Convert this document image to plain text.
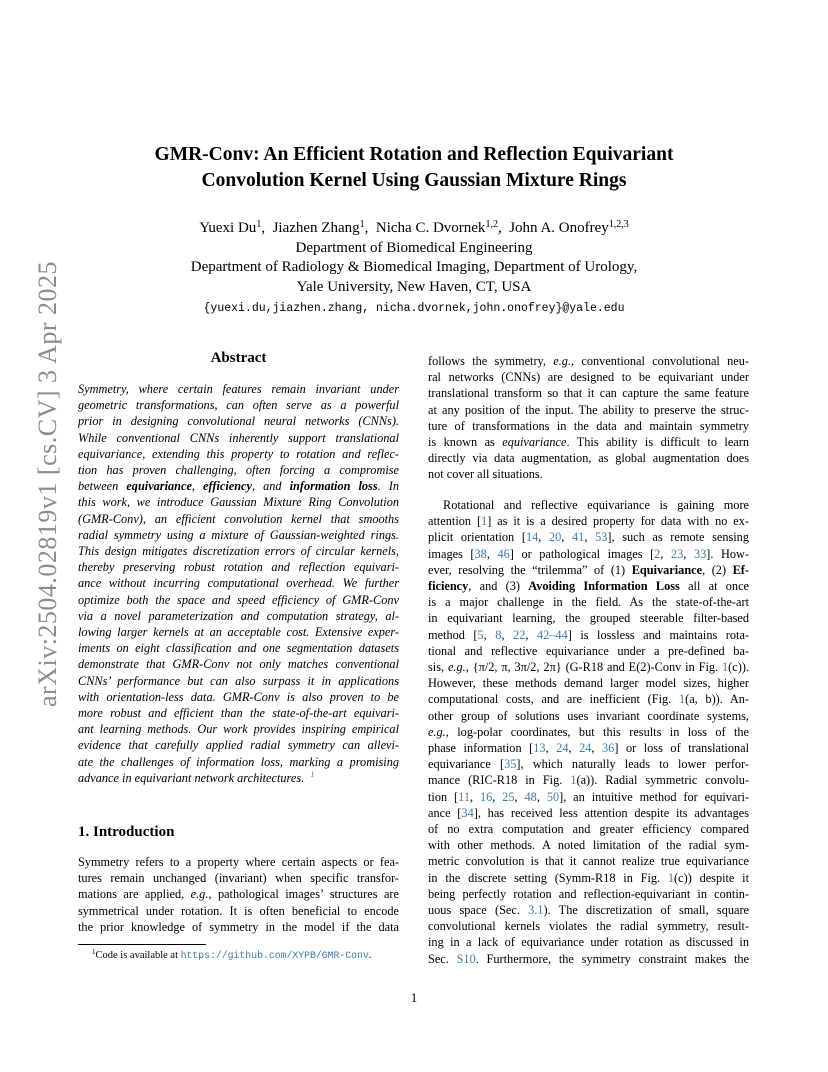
arXiv:2504.02819v1 [cs.CV] 3 Apr 2025
GMR-Conv: An Efficient Rotation and Reflection Equivariant
Convolution Kernel Using Gaussian Mixture Rings
Yuexi Du$^1$,  Jiazhen Zhang$^1$,  Nicha C. Dvornek$^{1,2}$,  John A. Onofrey$^{1,2,3}$
Department of Biomedical Engineering
Department of Radiology & Biomedical Imaging, Department of Urology,
Yale University, New Haven, CT, USA
{yuexi.du,jiazhen.zhang, nicha.dvornek,john.onofrey}@yale.edu
Abstract
Symmetry, where certain features remain invariant under
geometric transformations, can often serve as a powerful
prior in designing convolutional neural networks (CNNs).
While conventional CNNs inherently support translational
equivariance, extending this property to rotation and reflec-
tion has proven challenging, often forcing a compromise
between equivariance, efficiency, and information loss. In
this work, we introduce Gaussian Mixture Ring Convolution
(GMR-Conv), an efficient convolution kernel that smooths
radial symmetry using a mixture of Gaussian-weighted rings.
This design mitigates discretization errors of circular kernels,
thereby preserving robust rotation and reflection equivari-
ance without incurring computational overhead. We further
optimize both the space and speed efficiency of GMR-Conv
via a novel parameterization and computation strategy, al-
lowing larger kernels at an acceptable cost. Extensive exper-
iments on eight classification and one segmentation datasets
demonstrate that GMR-Conv not only matches conventional
CNNs’ performance but can also surpass it in applications
with orientation-less data. GMR-Conv is also proven to be
more robust and efficient than the state-of-the-art equivari-
ant learning methods. Our work provides inspiring empirical
evidence that carefully applied radial symmetry can allevi-
ate the challenges of information loss, marking a promising
advance in equivariant network architectures. $^1$
1. Introduction
Symmetry refers to a property where certain aspects or fea-
tures remain unchanged (invariant) when specific transfor-
mations are applied, e.g., pathological images’ structures are
symmetrical under rotation. It is often beneficial to encode
the prior knowledge of symmetry in the model if the data
$^1$Code is available at https://github.com/XYPB/GMR-Conv.
follows the symmetry, e.g., conventional convolutional neu-
ral networks (CNNs) are designed to be equivariant under
translational transform so that it can capture the same feature
at any position of the input. The ability to preserve the struc-
ture of transformations in the data and maintain symmetry
is known as equivariance. This ability is difficult to learn
directly via data augmentation, as global augmentation does
not cover all situations.
Rotational and reflective equivariance is gaining more
attention [1] as it is a desired property for data with no ex-
plicit orientation [14, 20, 41, 53], such as remote sensing
images [38, 46] or pathological images [2, 23, 33]. How-
ever, resolving the “trilemma” of (1) Equivariance, (2) Ef-
ficiency, and (3) Avoiding Information Loss all at once
is a major challenge in the field. As the state-of-the-art
in equivariant learning, the grouped steerable filter-based
method [5, 8, 22, 42–44] is lossless and maintains rota-
tional and reflective equivariance under a pre-defined ba-
sis, e.g., {π/2, π, 3π/2, 2π} (G-R18 and E(2)-Conv in Fig. 1(c)).
However, these methods demand larger model sizes, higher
computational costs, and are inefficient (Fig. 1(a, b)). An-
other group of solutions uses invariant coordinate systems,
e.g., log-polar coordinates, but this results in loss of the
phase information [13, 24, 24, 36] or loss of translational
equivariance [35], which naturally leads to lower perfor-
mance (RIC-R18 in Fig. 1(a)). Radial symmetric convolu-
tion [11, 16, 25, 48, 50], an intuitive method for equivari-
ance [34], has received less attention despite its advantages
of no extra computation and greater efficiency compared
with other methods. A noted limitation of the radial sym-
metric convolution is that it cannot realize true equivariance
in the discrete setting (Symm-R18 in Fig. 1(c)) despite it
being perfectly rotation and reflection-equivariant in contin-
uous space (Sec. 3.1). The discretization of small, square
convolutional kernels violates the radial symmetry, result-
ing in a lack of equivariance under rotation as discussed in
Sec. S10. Furthermore, the symmetry constraint makes the
1
